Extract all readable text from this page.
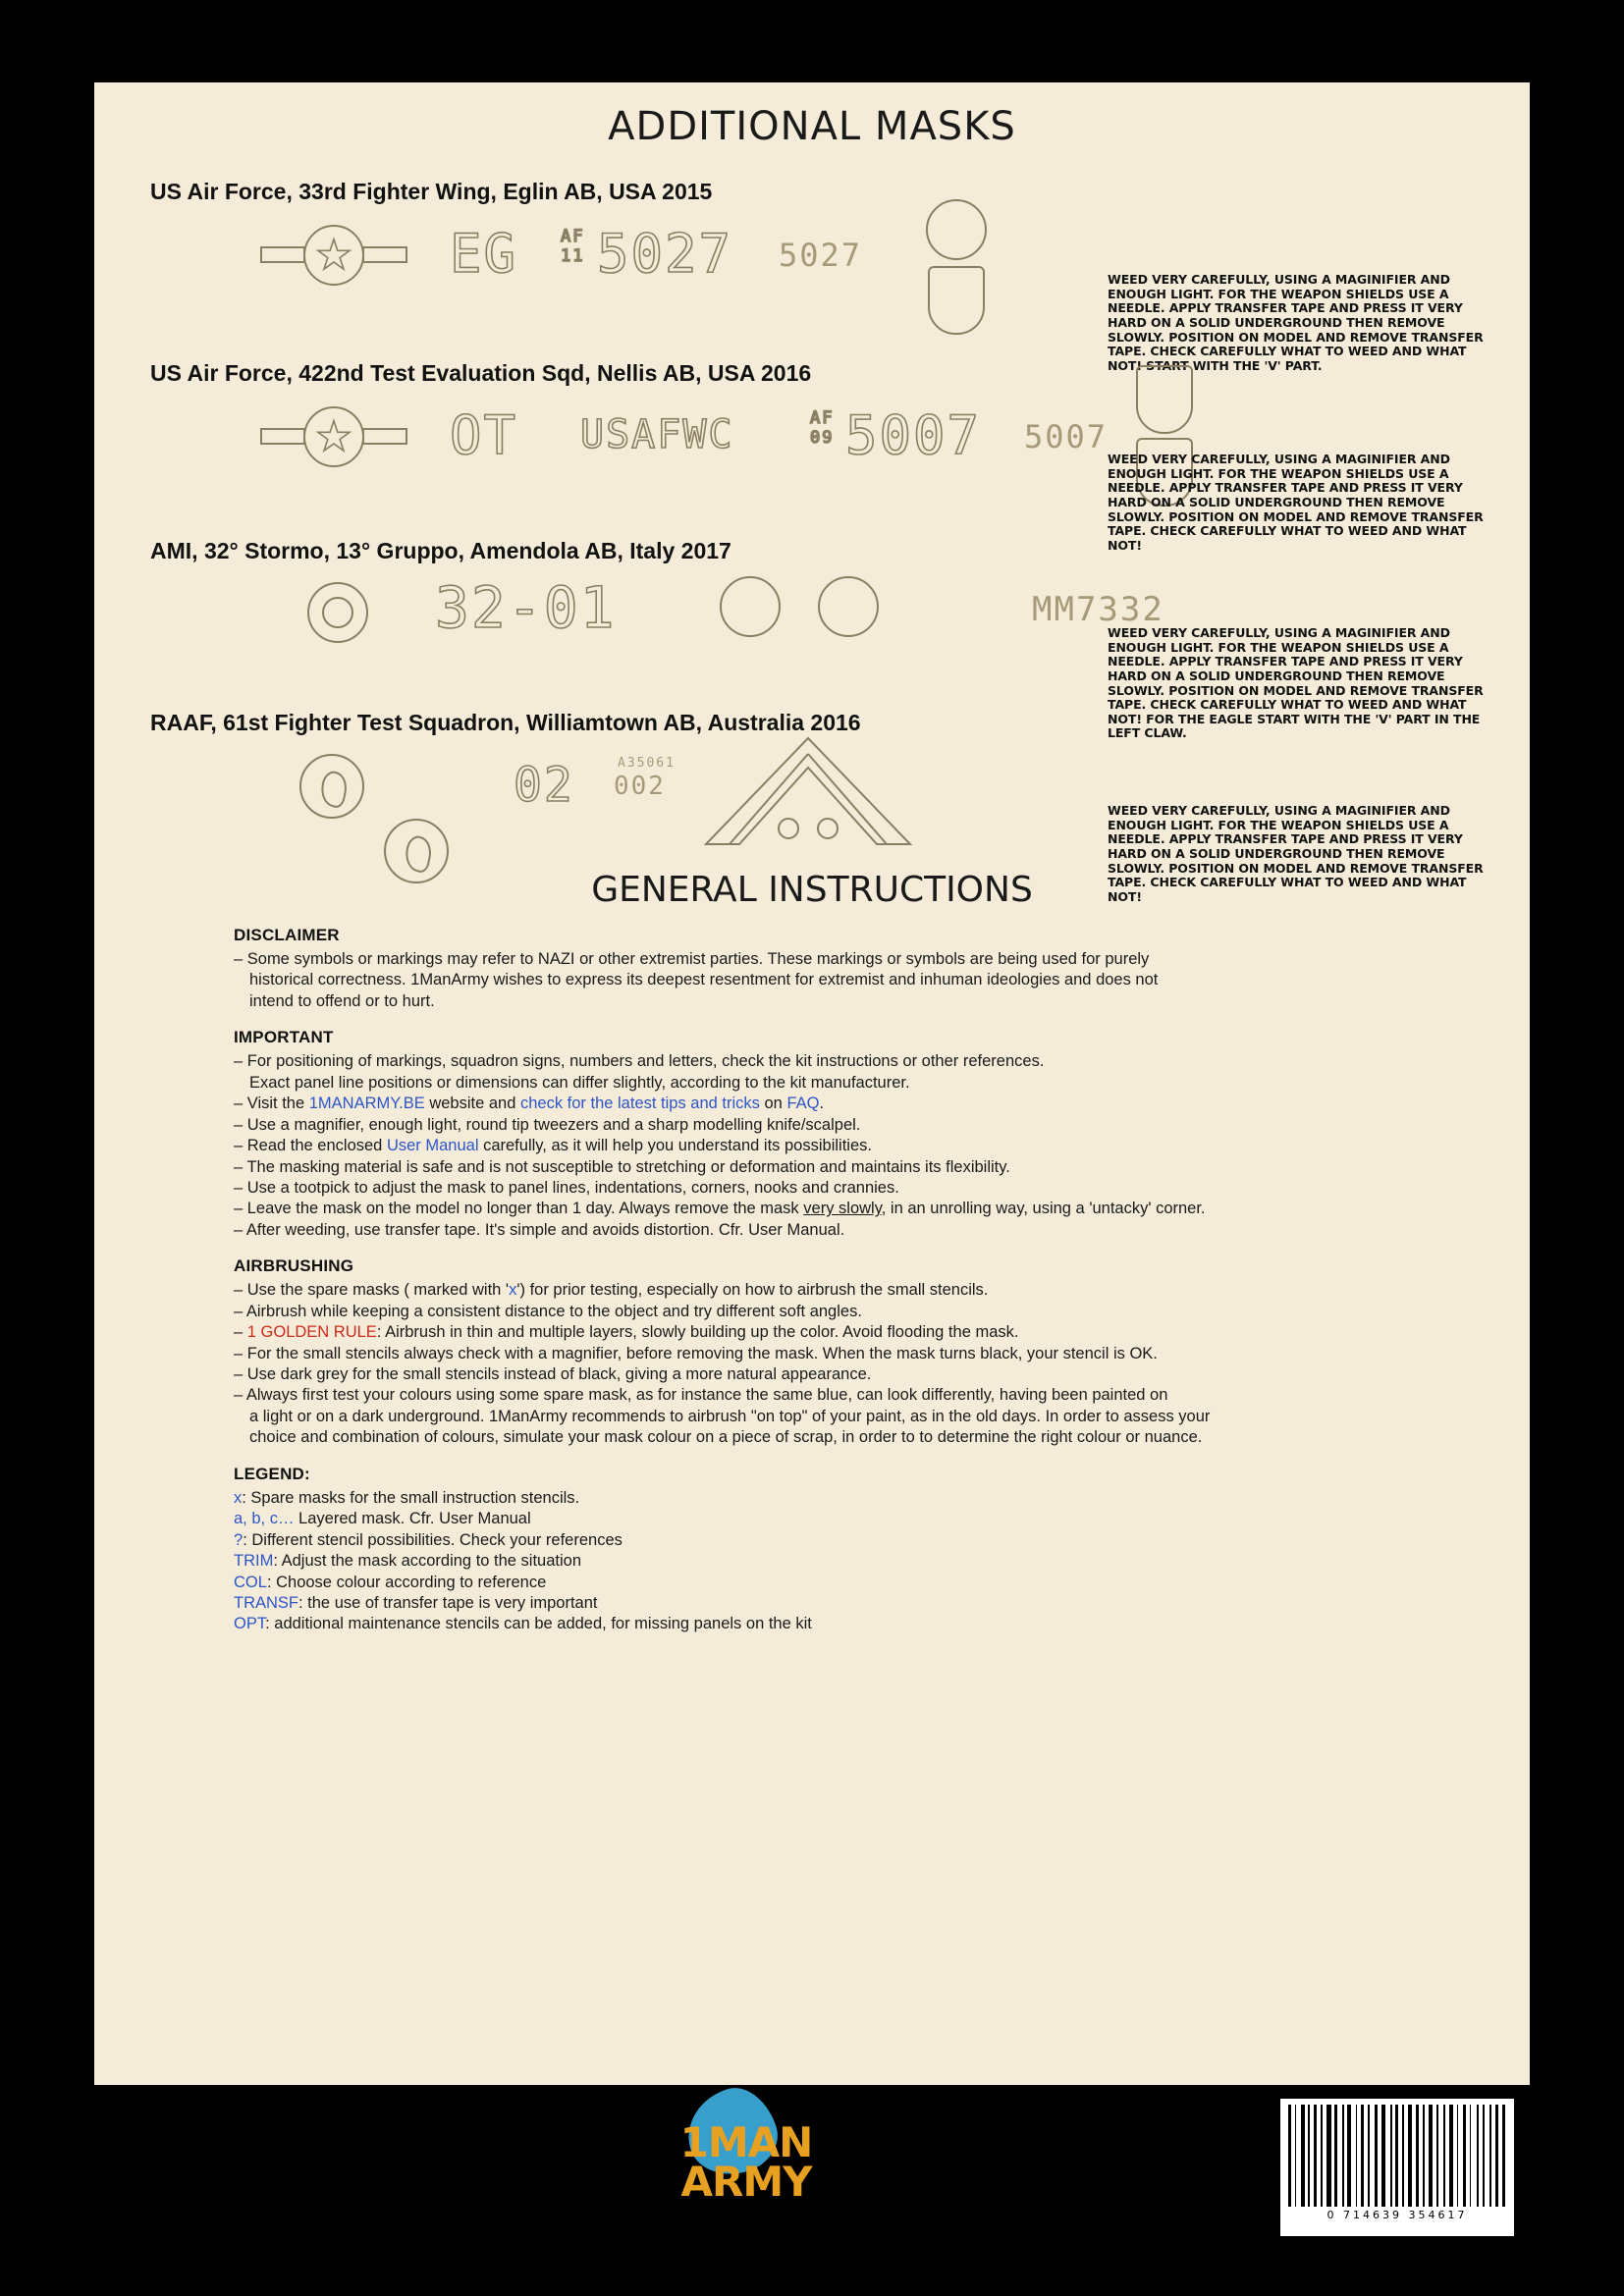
ADDITIONAL MASKS
US Air Force, 33rd Fighter Wing, Eglin AB, USA 2015
★
EG	AF
11 5027 5027
WEED VERY CAREFULLY, USING A MAGINIFIER AND ENOUGH LIGHT. FOR THE WEAPON SHIELDS USE A NEEDLE. APPLY TRANSFER TAPE AND PRESS IT VERY HARD ON A SOLID UNDERGROUND THEN REMOVE SLOWLY. POSITION ON MODEL AND REMOVE TRANSFER TAPE. CHECK CAREFULLY WHAT TO WEED AND WHAT NOT! START WITH THE 'V' PART.
US Air Force, 422nd Test Evaluation Sqd, Nellis AB, USA 2016
★
OT USAFWC	AF
09 5007 5007
WEED VERY CAREFULLY, USING A MAGINIFIER AND ENOUGH LIGHT. FOR THE WEAPON SHIELDS USE A NEEDLE. APPLY TRANSFER TAPE AND PRESS IT VERY HARD ON A SOLID UNDERGROUND THEN REMOVE SLOWLY. POSITION ON MODEL AND REMOVE TRANSFER TAPE. CHECK CAREFULLY WHAT TO WEED AND WHAT NOT!
AMI, 32° Stormo, 13° Gruppo, Amendola AB, Italy 2017
32-01	MM7332
WEED VERY CAREFULLY, USING A MAGINIFIER AND ENOUGH LIGHT. FOR THE WEAPON SHIELDS USE A NEEDLE. APPLY TRANSFER TAPE AND PRESS IT VERY HARD ON A SOLID UNDERGROUND THEN REMOVE SLOWLY. POSITION ON MODEL AND REMOVE TRANSFER TAPE. CHECK CAREFULLY WHAT TO WEED AND WHAT NOT! FOR THE EAGLE START WITH THE 'V' PART IN THE LEFT CLAW.
RAAF, 61st Fighter Test Squadron, Williamtown AB, Australia 2016
02	A35061
002
WEED VERY CAREFULLY, USING A MAGINIFIER AND ENOUGH LIGHT. FOR THE WEAPON SHIELDS USE A NEEDLE. APPLY TRANSFER TAPE AND PRESS IT VERY HARD ON A SOLID UNDERGROUND THEN REMOVE SLOWLY. POSITION ON MODEL AND REMOVE TRANSFER TAPE. CHECK CAREFULLY WHAT TO WEED AND WHAT NOT!
GENERAL INSTRUCTIONS
DISCLAIMER
– Some symbols or markings may refer to NAZI or other extremist parties. These markings or symbols are being used for purely
historical correctness. 1ManArmy wishes to express its deepest resentment for extremist and inhuman ideologies and does not
intend to offend or to hurt.
IMPORTANT
– For positioning of markings, squadron signs, numbers and letters, check the kit instructions or other references.
Exact panel line positions or dimensions can differ slightly, according to the kit manufacturer.
– Visit the 1MANARMY.BE website and check for the latest tips and tricks on FAQ.
– Use a magnifier, enough light, round tip tweezers and a sharp modelling knife/scalpel.
– Read the enclosed User Manual carefully, as it will help you understand its possibilities.
– The masking material is safe and is not susceptible to stretching or deformation and maintains its flexibility.
– Use a tootpick to adjust the mask to panel lines, indentations, corners, nooks and crannies.
– Leave the mask on the model no longer than 1 day. Always remove the mask very slowly, in an unrolling way, using a 'untacky' corner.
– After weeding, use transfer tape. It's simple and avoids distortion. Cfr. User Manual.
AIRBRUSHING
– Use the spare masks ( marked with 'x') for prior testing, especially on how to airbrush the small stencils.
– Airbrush while keeping a consistent distance to the object and try different soft angles.
– 1 GOLDEN RULE: Airbrush in thin and multiple layers, slowly building up the color. Avoid flooding the mask.
– For the small stencils always check with a magnifier, before removing the mask. When the mask turns black, your stencil is OK.
– Use dark grey for the small stencils instead of black, giving a more natural appearance.
– Always first test your colours using some spare mask, as for instance the same blue, can look differently, having been painted on
a light or on a dark underground. 1ManArmy recommends to airbrush "on top" of your paint, as in the old days. In order to assess your
choice and combination of colours, simulate your mask colour on a piece of scrap, in order to to determine the right colour or nuance.
LEGEND:
x: Spare masks for the small instruction stencils.
a, b, c… Layered mask. Cfr. User Manual
?: Different stencil possibilities. Check your references
TRIM: Adjust the mask according to the situation
COL: Choose colour according to reference
TRANSF: the use of transfer tape is very important
OPT: additional maintenance stencils can be added, for missing panels on the kit
1MAN
ARMY
0 714639 354617
